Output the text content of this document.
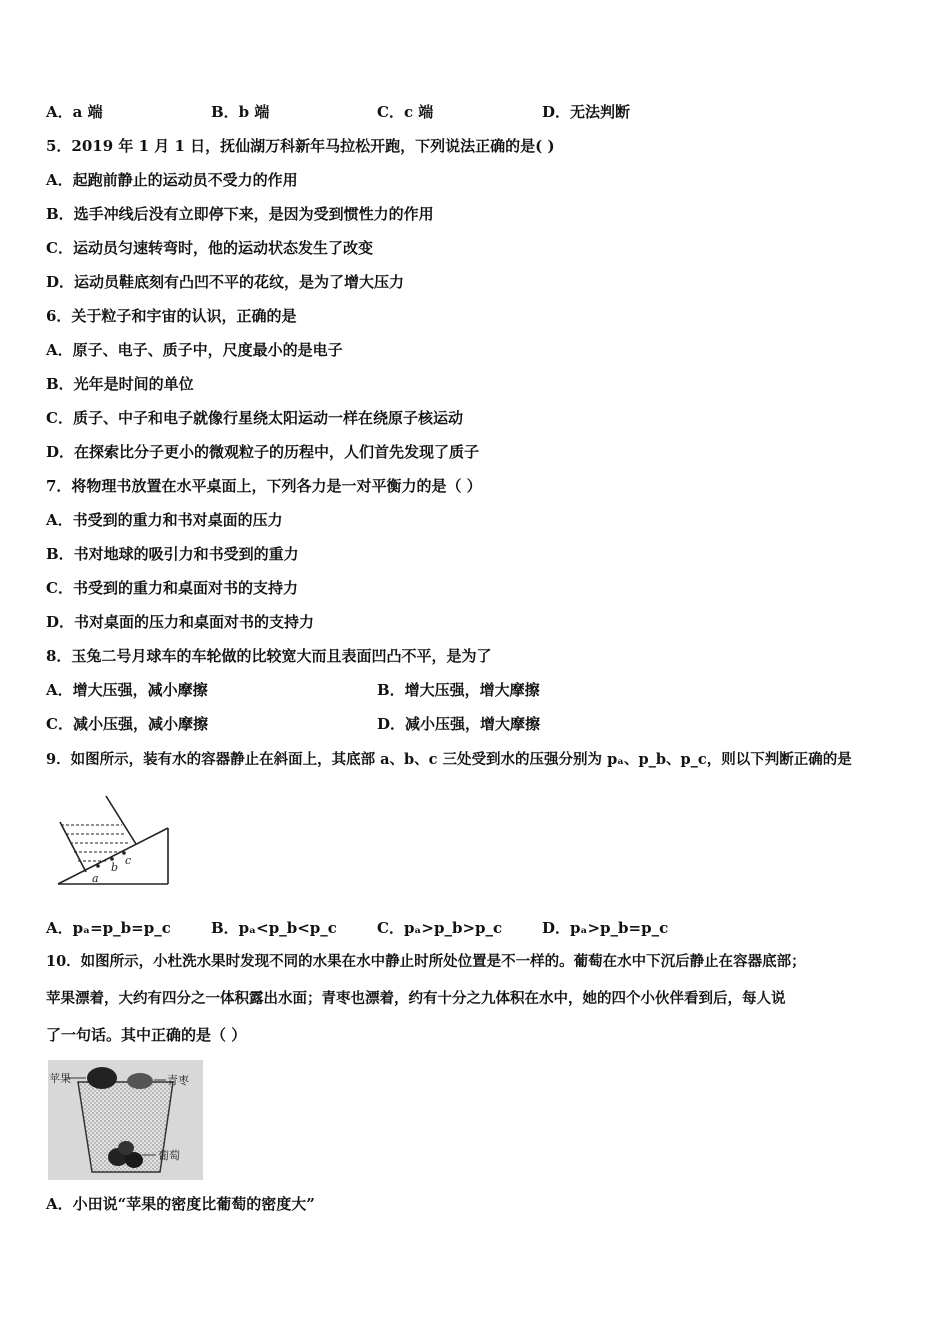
A．a 端	B．b 端	C．c 端	D．无法判断
5．2019 年 1 月 1 日，抚仙湖万科新年马拉松开跑，下列说法正确的是( )
A．起跑前静止的运动员不受力的作用
B．选手冲线后没有立即停下来，是因为受到惯性力的作用
C．运动员匀速转弯时，他的运动状态发生了改变
D．运动员鞋底刻有凸凹不平的花纹，是为了增大压力
6．关于粒子和宇宙的认识，正确的是
A．原子、电子、质子中，尺度最小的是电子
B．光年是时间的单位
C．质子、中子和电子就像行星绕太阳运动一样在绕原子核运动
D．在探索比分子更小的微观粒子的历程中，人们首先发现了质子
7．将物理书放置在水平桌面上，下列各力是一对平衡力的是（ ）
A．书受到的重力和书对桌面的压力
B．书对地球的吸引力和书受到的重力
C．书受到的重力和桌面对书的支持力
D．书对桌面的压力和桌面对书的支持力
8．玉兔二号月球车的车轮做的比较宽大而且表面凹凸不平，是为了
A．增大压强，减小摩擦	B．增大压强，增大摩擦
C．减小压强，减小摩擦	D．减小压强，增大摩擦
9．如图所示，装有水的容器静止在斜面上，其底部 a、b、c 三处受到水的压强分别为 pₐ、p_b、p_c，则以下判断正确的是
a
b
c
A．pₐ=p_b=p_c	B．pₐ<p_b<p_c	C．pₐ>p_b>p_c	D．pₐ>p_b=p_c
10．如图所示，小杜洗水果时发现不同的水果在水中静止时所处位置是不一样的。葡萄在水中下沉后静止在容器底部；
苹果漂着，大约有四分之一体积露出水面；青枣也漂着，约有十分之九体积在水中，她的四个小伙伴看到后，每人说
了一句话。其中正确的是（ ）
苹果	青枣
葡萄
A．小田说“苹果的密度比葡萄的密度大”
